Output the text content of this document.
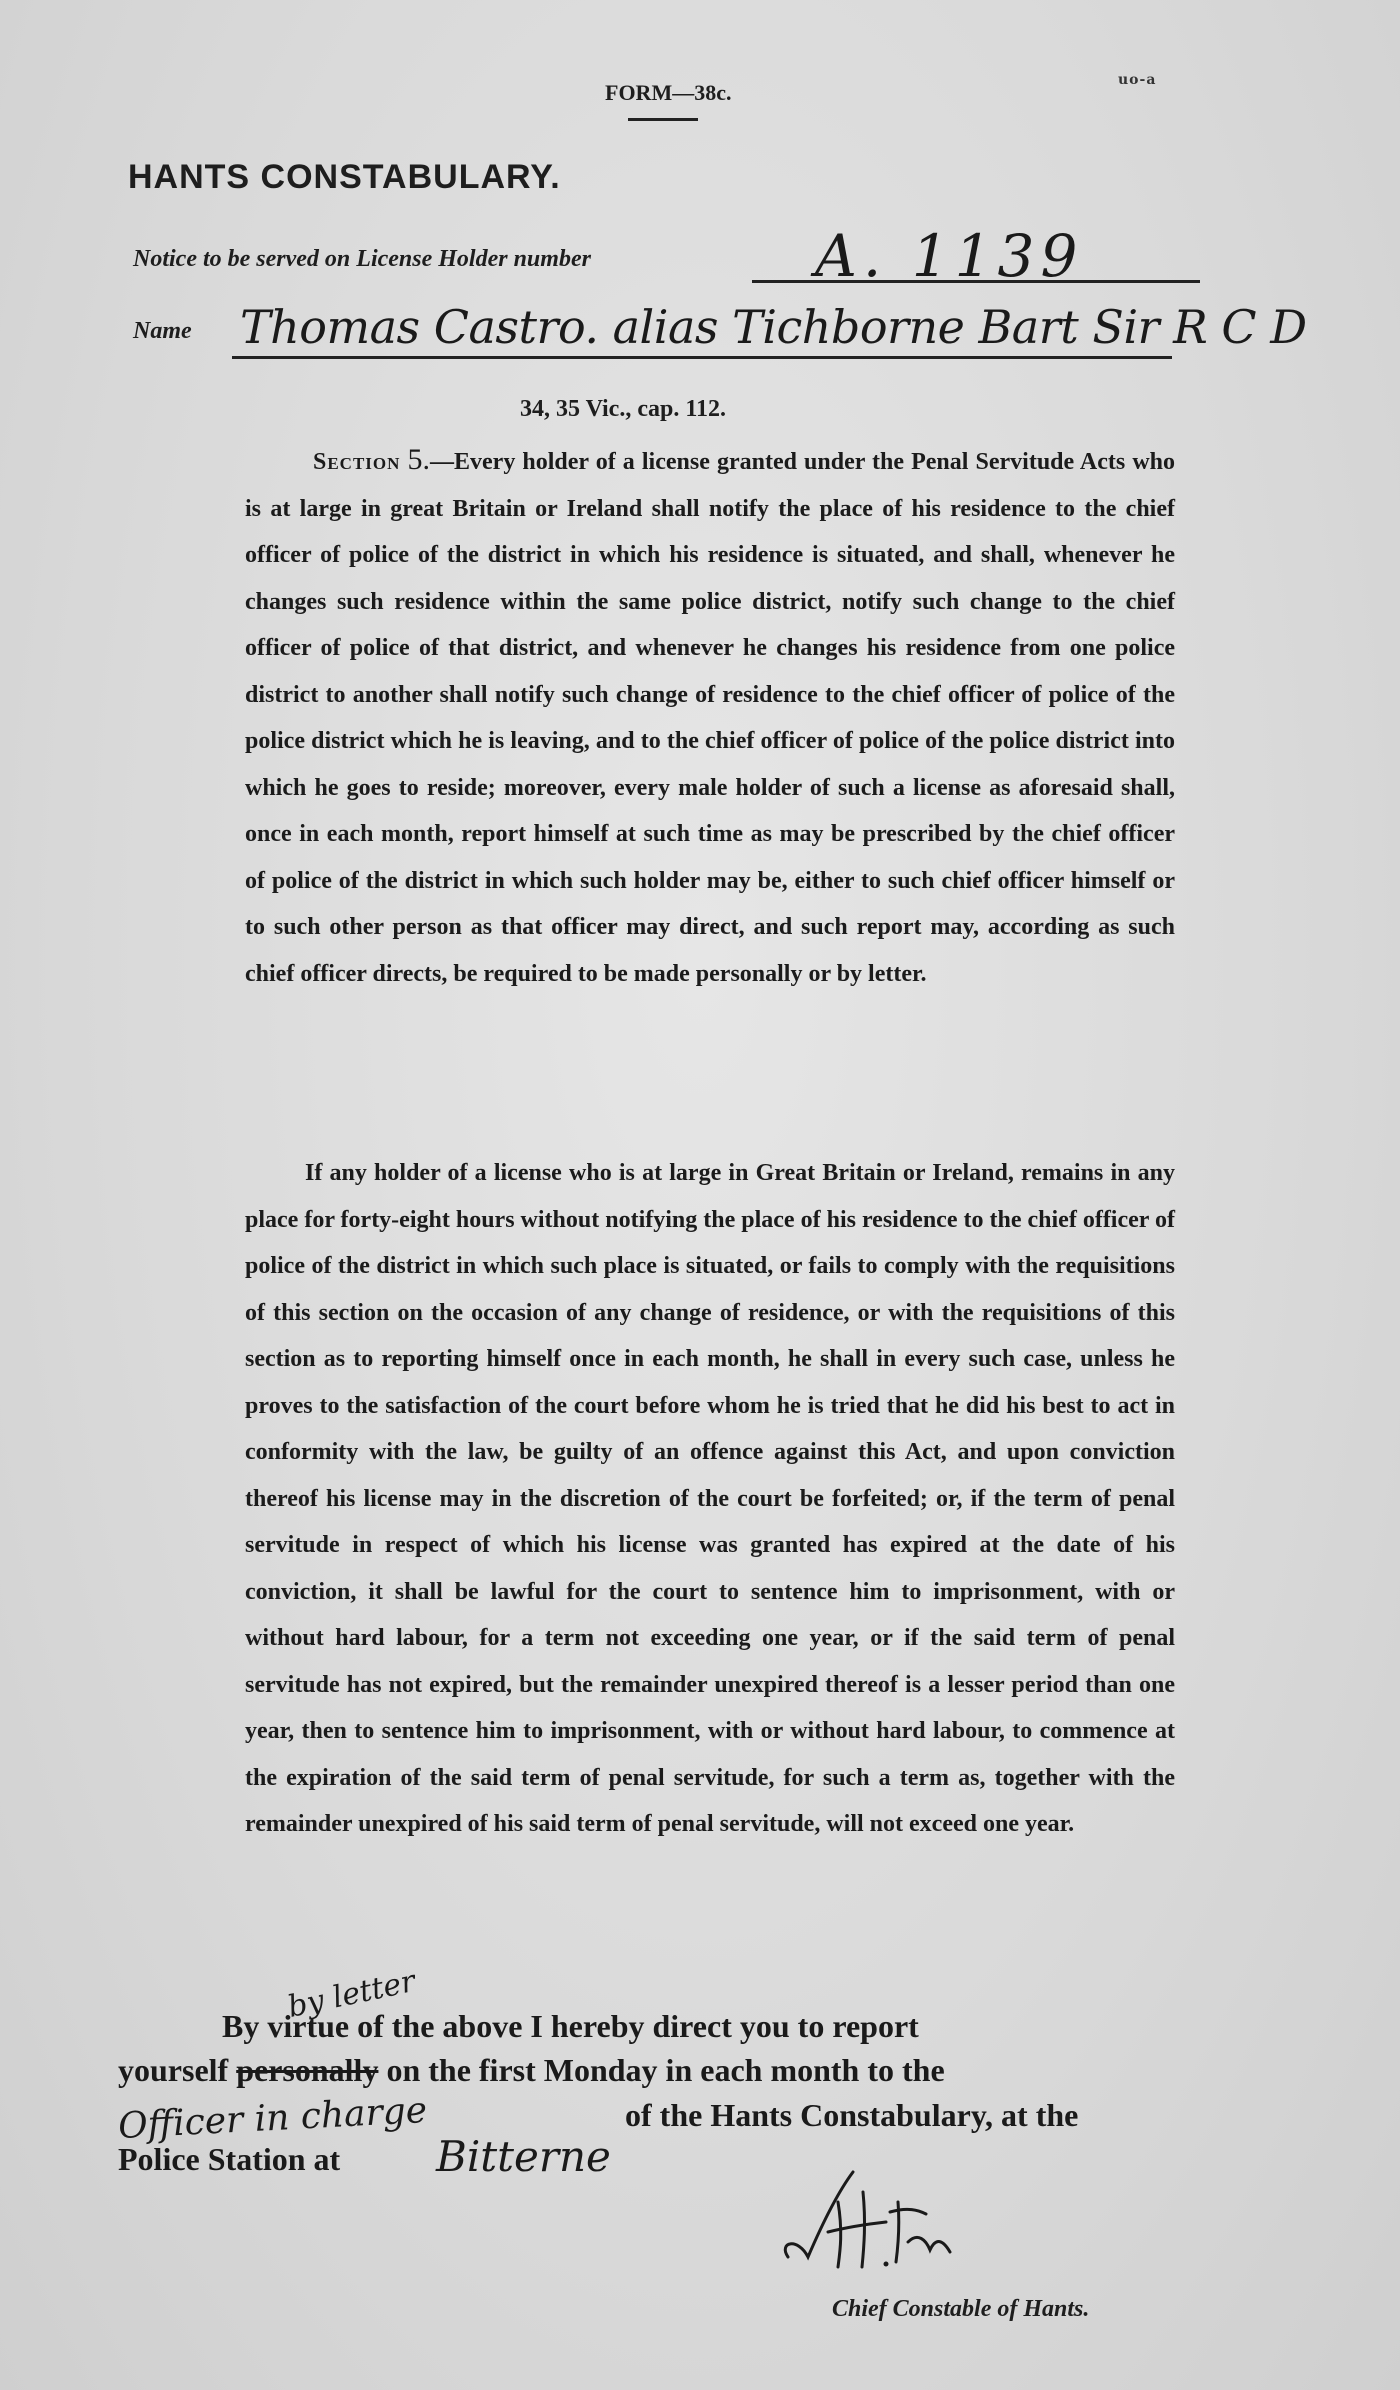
FORM—38c.	uo-a
HANTS CONSTABULARY.
Notice to be served on License Holder number	A. 1139
Name Thomas Castro. alias Tichborne Bart Sir R C D
34, 35 Vic., cap. 112.
Section 5.—Every holder of a license granted under the Penal Servitude Acts who is at large in great Britain or Ireland shall notify the place of his residence to the chief officer of police of the district in which his residence is situated, and shall, whenever he changes such residence within the same police district, notify such change to the chief officer of police of that district, and whenever he changes his residence from one police district to another shall notify such change of residence to the chief officer of police of the police district which he is leaving, and to the chief officer of police of the police district into which he goes to reside; moreover, every male holder of such a license as aforesaid shall, once in each month, report himself at such time as may be prescribed by the chief officer of police of the district in which such holder may be, either to such chief officer himself or to such other person as that officer may direct, and such report may, according as such chief officer directs, be required to be made personally or by letter.
If any holder of a license who is at large in Great Britain or Ireland, remains in any place for forty-eight hours without notifying the place of his residence to the chief officer of police of the district in which such place is situated, or fails to comply with the requisitions of this section on the occasion of any change of residence, or with the requisitions of this section as to reporting himself once in each month, he shall in every such case, unless he proves to the satisfaction of the court before whom he is tried that he did his best to act in conformity with the law, be guilty of an offence against this Act, and upon conviction thereof his license may in the discretion of the court be forfeited; or, if the term of penal servitude in respect of which his license was granted has expired at the date of his conviction, it shall be lawful for the court to sentence him to imprisonment, with or without hard labour, for a term not exceeding one year, or if the said term of penal servitude has not expired, but the remainder unexpired thereof is a lesser period than one year, then to sentence him to imprisonment, with or without hard labour, to commence at the expiration of the said term of penal servitude, for such a term as, together with the remainder unexpired of his said term of penal servitude, will not exceed one year.
by letter
By virtue of the above I hereby direct you to report
yourself personally on the first Monday in each month to the
Officer in charge	of the Hants Constabulary, at the
Police Station at	Bitterne
Chief Constable of Hants.
